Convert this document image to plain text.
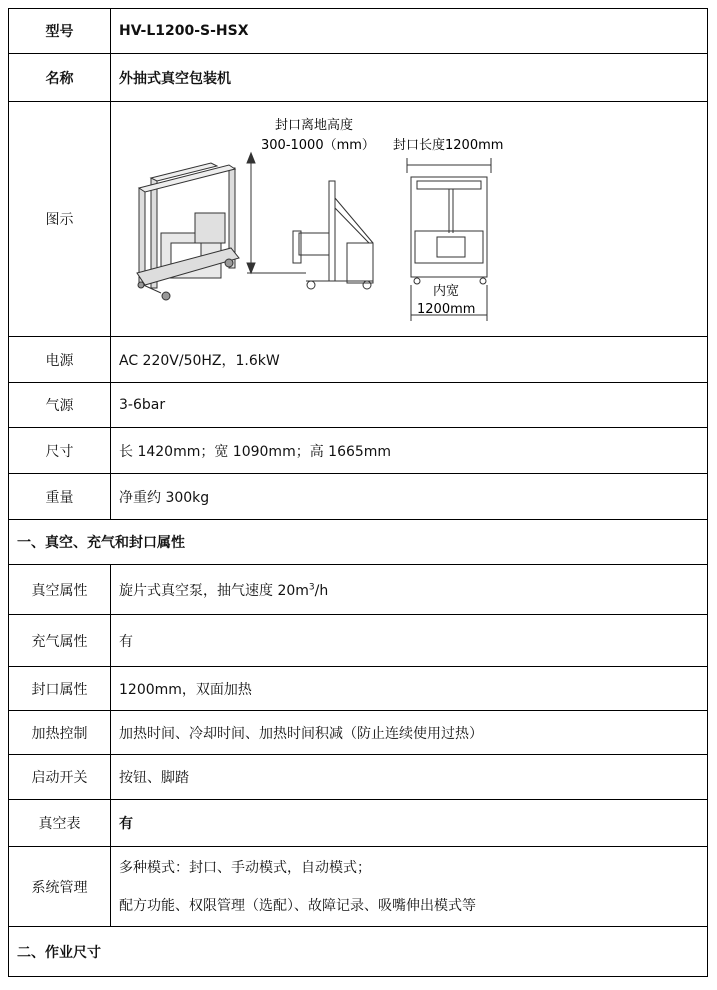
型号	HV-L1200-S-HSX
名称	外抽式真空包装机
图示	封口离地高度
300-1000（mm） 封口长度1200mm
内宽
1200mm

电源	AC 220V/50HZ，1.6kW
气源	3-6bar
尺寸	长 1420mm；宽 1090mm；高 1665mm
重量	净重约 300kg
一、真空、充气和封口属性	
真空属性	旋片式真空泵，抽气速度 $20m^3/h$
充气属性	有
封口属性	1200mm，双面加热
加热控制	加热时间、冷却时间、加热时间积减（防止连续使用过热）
启动开关	按钮、脚踏
真空表	有
系统管理	多种模式：封口、手动模式，自动模式；
配方功能、权限管理（选配）、故障记录、吸嘴伸出模式等

二、作业尺寸	
